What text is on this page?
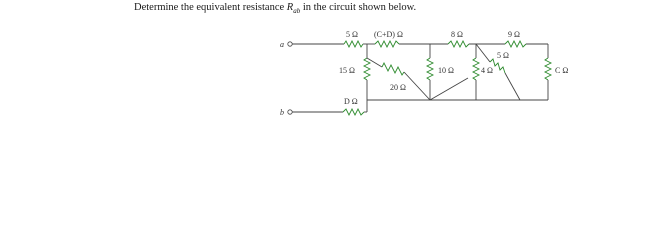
Determine the equivalent resistance $R_{ab}$ in the circuit shown below.
a
b
5 Ω (C+D) Ω	8 Ω	9 Ω
15 Ω
20 Ω
10 Ω	4 Ω
5 Ω
C Ω
D Ω
